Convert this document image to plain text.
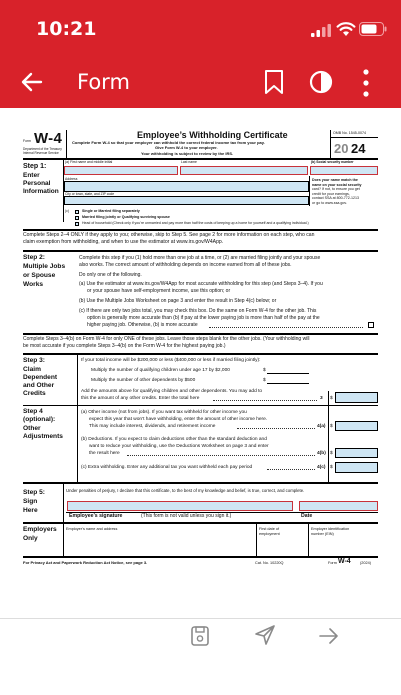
10:21
Form
Form W-4
Department of the Treasury
Internal Revenue Service
Employee’s Withholding Certificate
Complete Form W-4 so that your employer can withhold the correct federal income tax from your pay.
Give Form W-4 to your employer.
Your withholding is subject to review by the IRS.
OMB No. 1545-0074
20 24
Step 1:
Enter
Personal
Information
(a) First name and middle initial	Last name	(b) Social security number
Address
City or town, state, and ZIP code
Does your name match the
name on your social security
card? If not, to ensure you get
credit for your earnings,
contact SSA at 800-772-1213
or go to www.ssa.gov.
(c)	Single or Married filing separately
Married filing jointly or Qualifying surviving spouse
Head of household (Check only if you’re unmarried and pay more than half the costs of keeping up a home for yourself and a qualifying individual.)
Complete Steps 2–4 ONLY if they apply to you; otherwise, skip to Step 5. See page 2 for more information on each step, who can
claim exemption from withholding, and when to use the estimator at www.irs.gov/W4App.
Step 2:
Multiple Jobs
or Spouse
Works
Complete this step if you (1) hold more than one job at a time, or (2) are married filing jointly and your spouse
also works. The correct amount of withholding depends on income earned from all of these jobs.
Do only one of the following.
(a) Use the estimator at www.irs.gov/W4App for most accurate withholding for this step (and Steps 3–4). If you
or your spouse have self-employment income, use this option; or
(b) Use the Multiple Jobs Worksheet on page 3 and enter the result in Step 4(c) below; or
(c) If there are only two jobs total, you may check this box. Do the same on Form W-4 for the other job. This
option is generally more accurate than (b) if pay at the lower paying job is more than half of the pay at the
higher paying job. Otherwise, (b) is more accurate
Complete Steps 3–4(b) on Form W-4 for only ONE of these jobs. Leave those steps blank for the other jobs. (Your withholding will
be most accurate if you complete Steps 3–4(b) on the Form W-4 for the highest paying job.)
Step 3:
Claim
Dependent
and Other
Credits
If your total income will be $200,000 or less ($400,000 or less if married filing jointly):
Multiply the number of qualifying children under age 17 by $2,000	$
Multiply the number of other dependents by $500	$
Add the amounts above for qualifying children and other dependents. You may add to
this the amount of any other credits. Enter the total here	3 $
Step 4
(optional):
Other
Adjustments
(a) Other income (not from jobs). If you want tax withheld for other income you
expect this year that won’t have withholding, enter the amount of other income here.
This may include interest, dividends, and retirement income	4(a) $
(b) Deductions. If you expect to claim deductions other than the standard deduction and
want to reduce your withholding, use the Deductions Worksheet on page 3 and enter
the result here	4(b) $
(c) Extra withholding. Enter any additional tax you want withheld each pay period	4(c) $
Step 5:
Sign
Here
Under penalties of perjury, I declare that this certificate, to the best of my knowledge and belief, is true, correct, and complete.
Employee’s signature	(This form is not valid unless you sign it.)	Date
Employers
Only
Employer’s name and address	First date of
employment
Employer identification
number (EIN)
For Privacy Act and Paperwork Reduction Act Notice, see page 3.	Cat. No. 10220Q	Form W-4 (2024)
